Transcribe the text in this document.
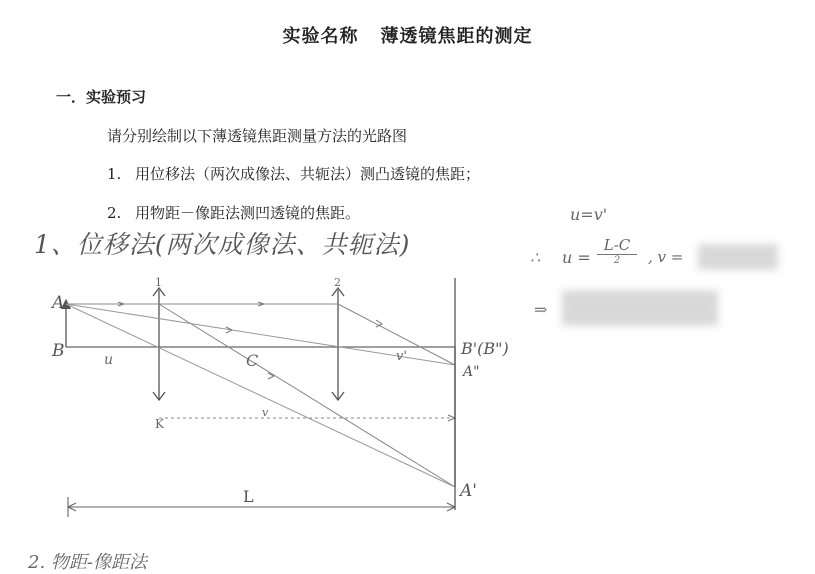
实验名称 薄透镜焦距的测定
一．实验预习
请分别绘制以下薄透镜焦距测量方法的光路图
1. 用位移法（两次成像法、共轭法）测凸透镜的焦距；
2. 用物距－像距法测凹透镜的焦距。
1、位移法(两次成像法、共轭法)
u=v'
∴ u =
L-C
2	, v =
⇒
A
B
1	2
u	C	v'	B'(B")
A"
K
v
L	A'
2. 物距-像距法
